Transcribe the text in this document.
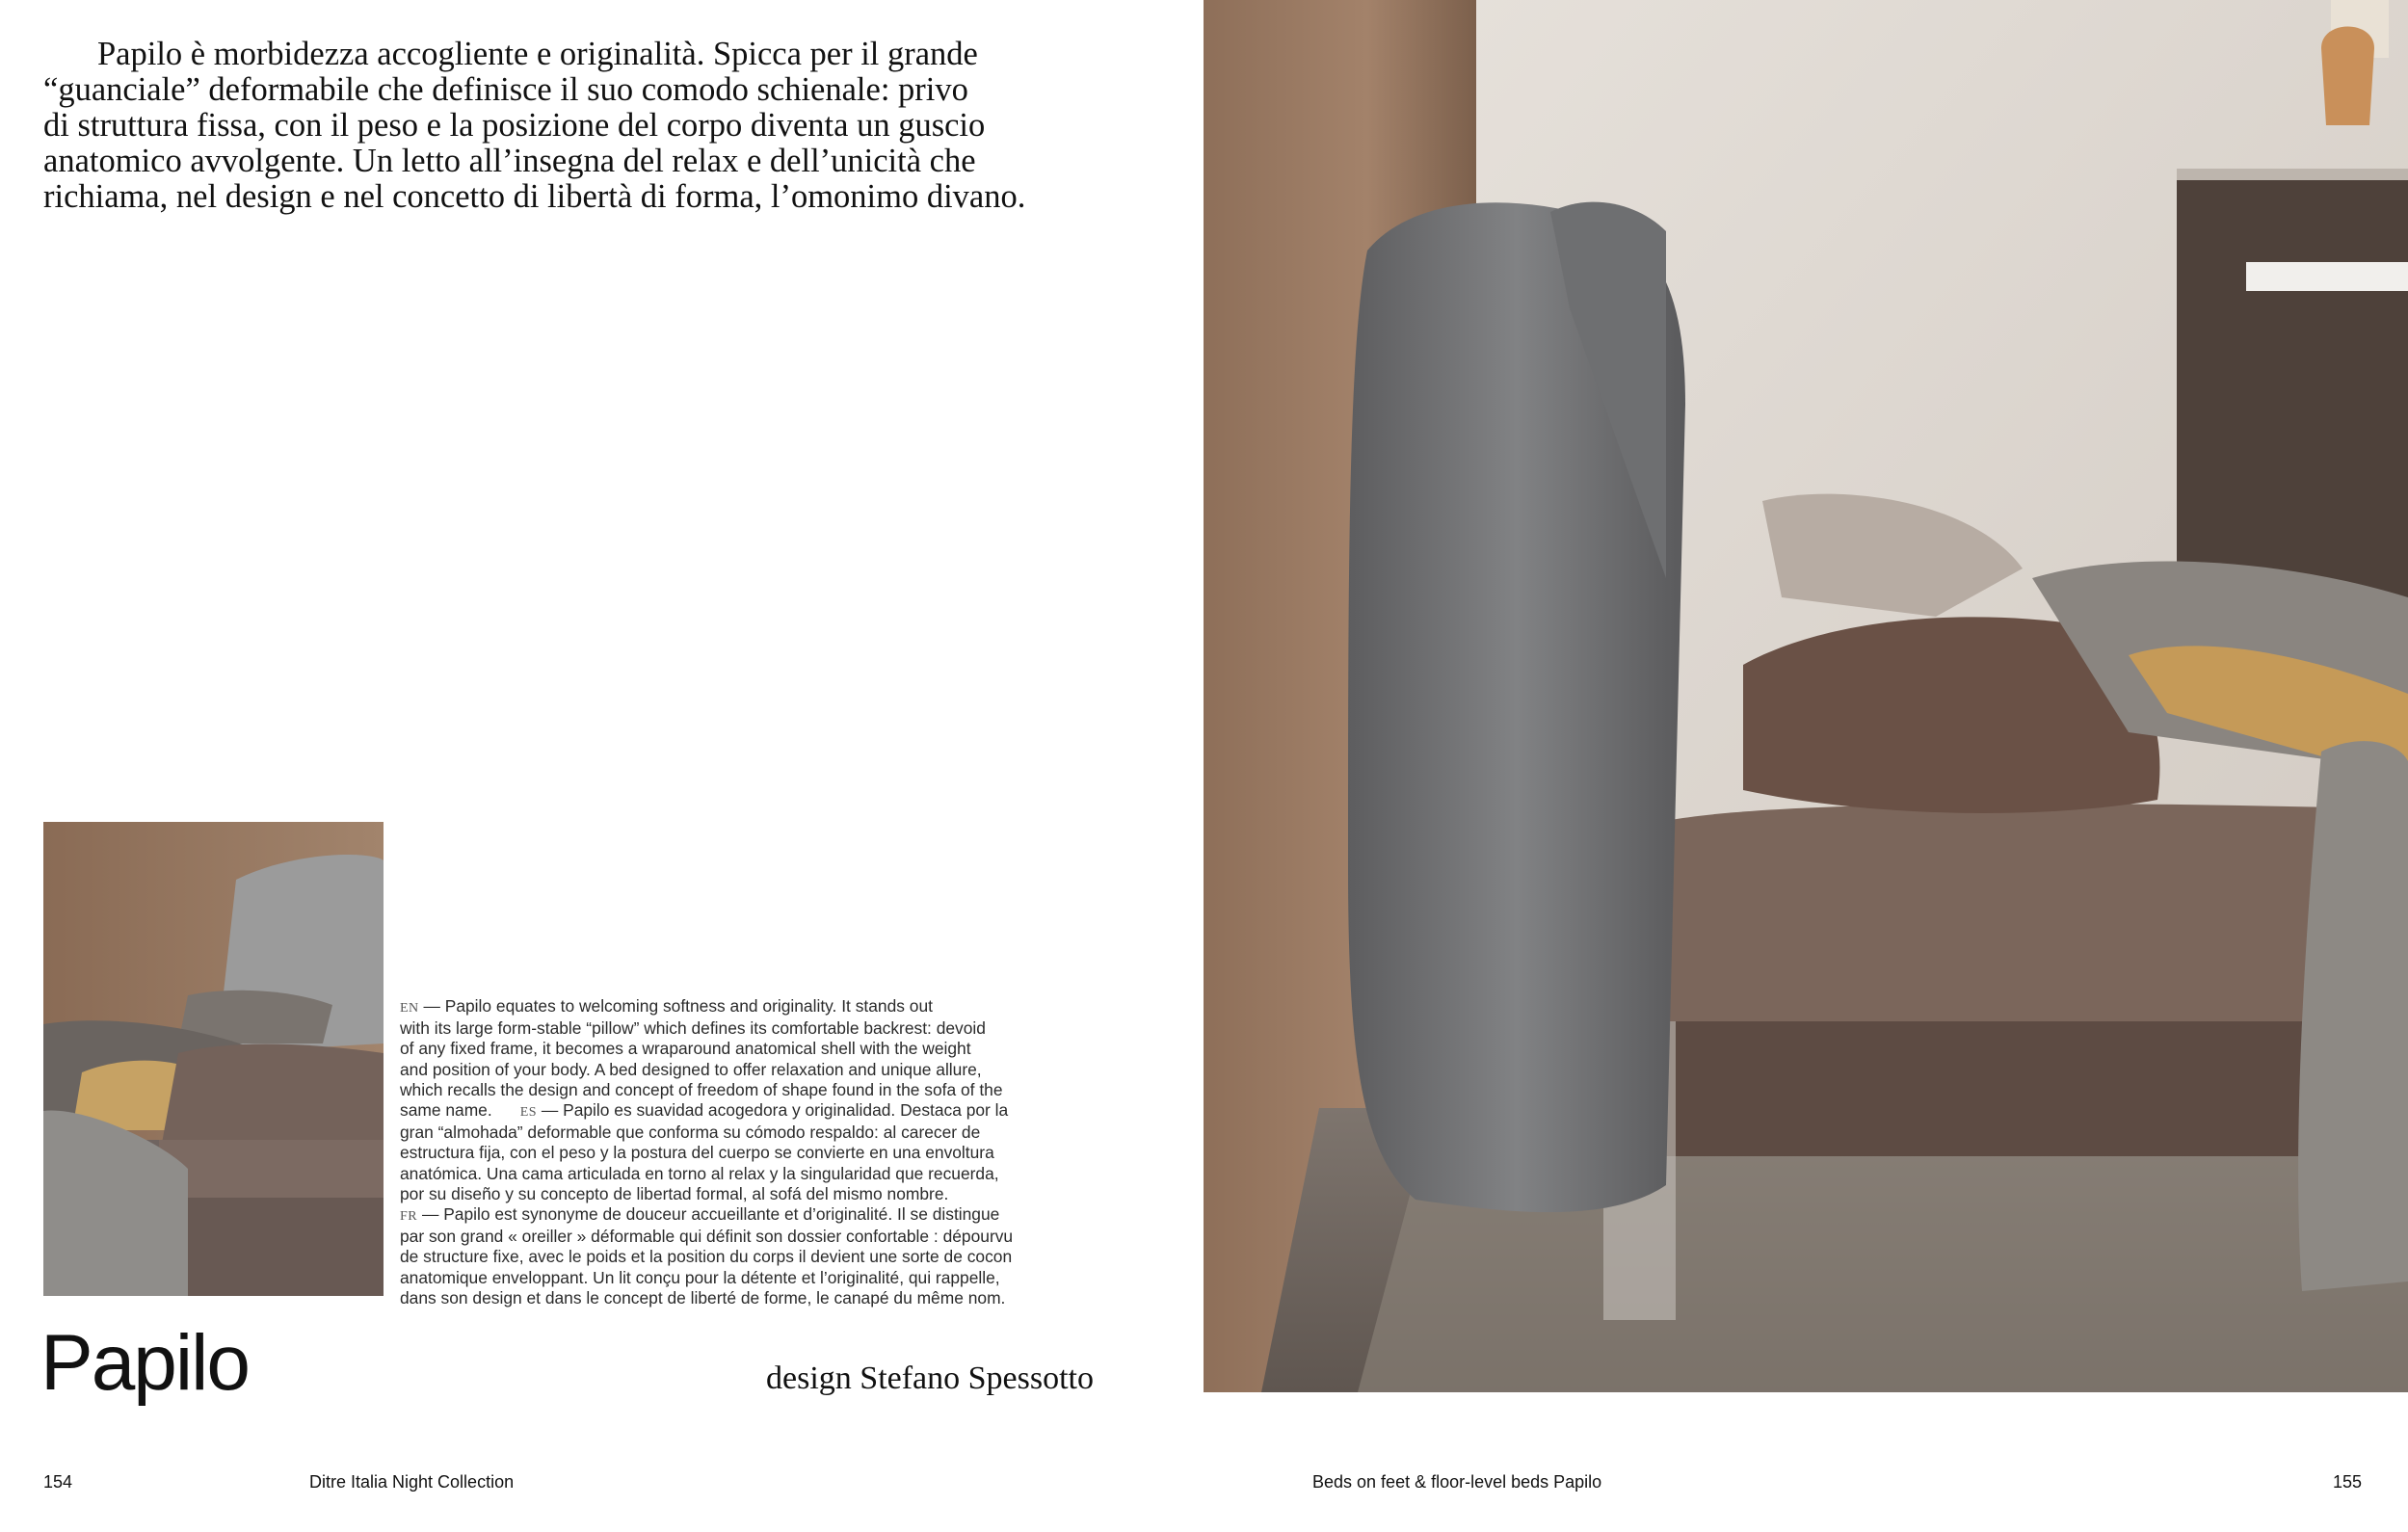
Papilo è morbidezza accogliente e originalità. Spicca per il grande

“guanciale” deformabile che definisce il suo comodo schienale: privo

di struttura fissa, con il peso e la posizione del corpo diventa un guscio

anatomico avvolgente. Un letto all’insegna del relax e dell’unicità che

richiama, nel design e nel concetto di libertà di forma, l’omonimo divano.

EN — Papilo equates to welcoming softness and originality. It stands out
with its large form-stable “pillow” which defines its comfortable backrest: devoid
of any fixed frame, it becomes a wraparound anatomical shell with the weight
and position of your body. A bed designed to offer relaxation and unique allure,
which recalls the design and concept of freedom of shape found in the sofa of the
same name. ES — Papilo es suavidad acogedora y originalidad. Destaca por la
gran “almohada” deformable que conforma su cómodo respaldo: al carecer de
estructura fija, con el peso y la postura del cuerpo se convierte en una envoltura
anatómica. Una cama articulada en torno al relax y la singularidad que recuerda,
por su diseño y su concepto de libertad formal, al sofá del mismo nombre.
FR — Papilo est synonyme de douceur accueillante et d’originalité. Il se distingue
par son grand « oreiller » déformable qui définit son dossier confortable : dépourvu
de structure fixe, avec le poids et la position du corps il devient une sorte de cocon
anatomique enveloppant. Un lit conçu pour la détente et l’originalité, qui rappelle,
dans son design et dans le concept de liberté de forme, le canapé du même nom.
Papilo	design Stefano Spessotto
154	Ditre Italia Night Collection	Beds on feet & floor-level beds Papilo	155
